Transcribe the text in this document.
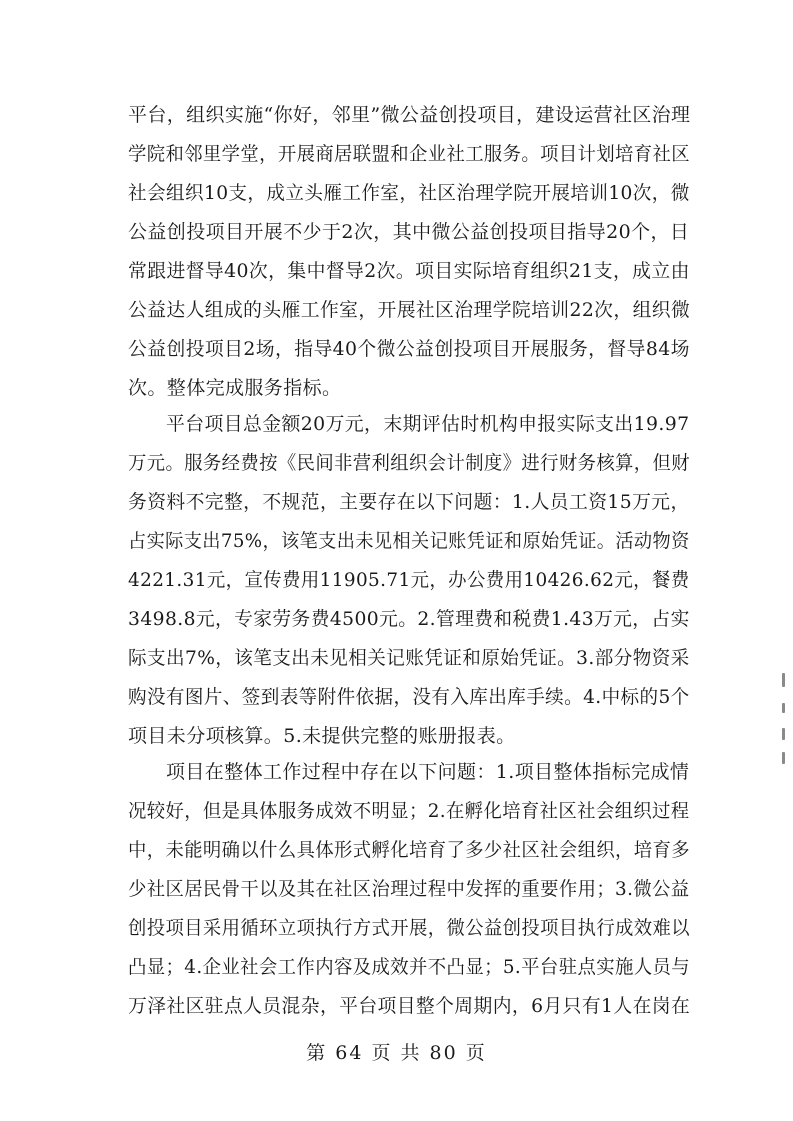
平台，组织实施“你好，邻里”微公益创投项目，建设运营社区治理
学院和邻里学堂，开展商居联盟和企业社工服务。项目计划培育社区
社会组织10支，成立头雁工作室，社区治理学院开展培训10次，微
公益创投项目开展不少于2次，其中微公益创投项目指导20个，日
常跟进督导40次，集中督导2次。项目实际培育组织21支，成立由
公益达人组成的头雁工作室，开展社区治理学院培训22次，组织微
公益创投项目2场，指导40个微公益创投项目开展服务，督导84场
次。整体完成服务指标。
平台项目总金额20万元，末期评估时机构申报实际支出19.97
万元。服务经费按《民间非营利组织会计制度》进行财务核算，但财
务资料不完整，不规范，主要存在以下问题：1.人员工资15万元，
占实际支出75%，该笔支出未见相关记账凭证和原始凭证。活动物资
4221.31元，宣传费用11905.71元，办公费用10426.62元，餐费
3498.8元，专家劳务费4500元。2.管理费和税费1.43万元，占实
际支出7%，该笔支出未见相关记账凭证和原始凭证。3.部分物资采
购没有图片、签到表等附件依据，没有入库出库手续。4.中标的5个
项目未分项核算。5.未提供完整的账册报表。
项目在整体工作过程中存在以下问题：1.项目整体指标完成情
况较好，但是具体服务成效不明显；2.在孵化培育社区社会组织过程
中，未能明确以什么具体形式孵化培育了多少社区社会组织，培育多
少社区居民骨干以及其在社区治理过程中发挥的重要作用；3.微公益
创投项目采用循环立项执行方式开展，微公益创投项目执行成效难以
凸显；4.企业社会工作内容及成效并不凸显；5.平台驻点实施人员与
万泽社区驻点人员混杂，平台项目整个周期内，6月只有1人在岗在
第 64 页 共 80 页
